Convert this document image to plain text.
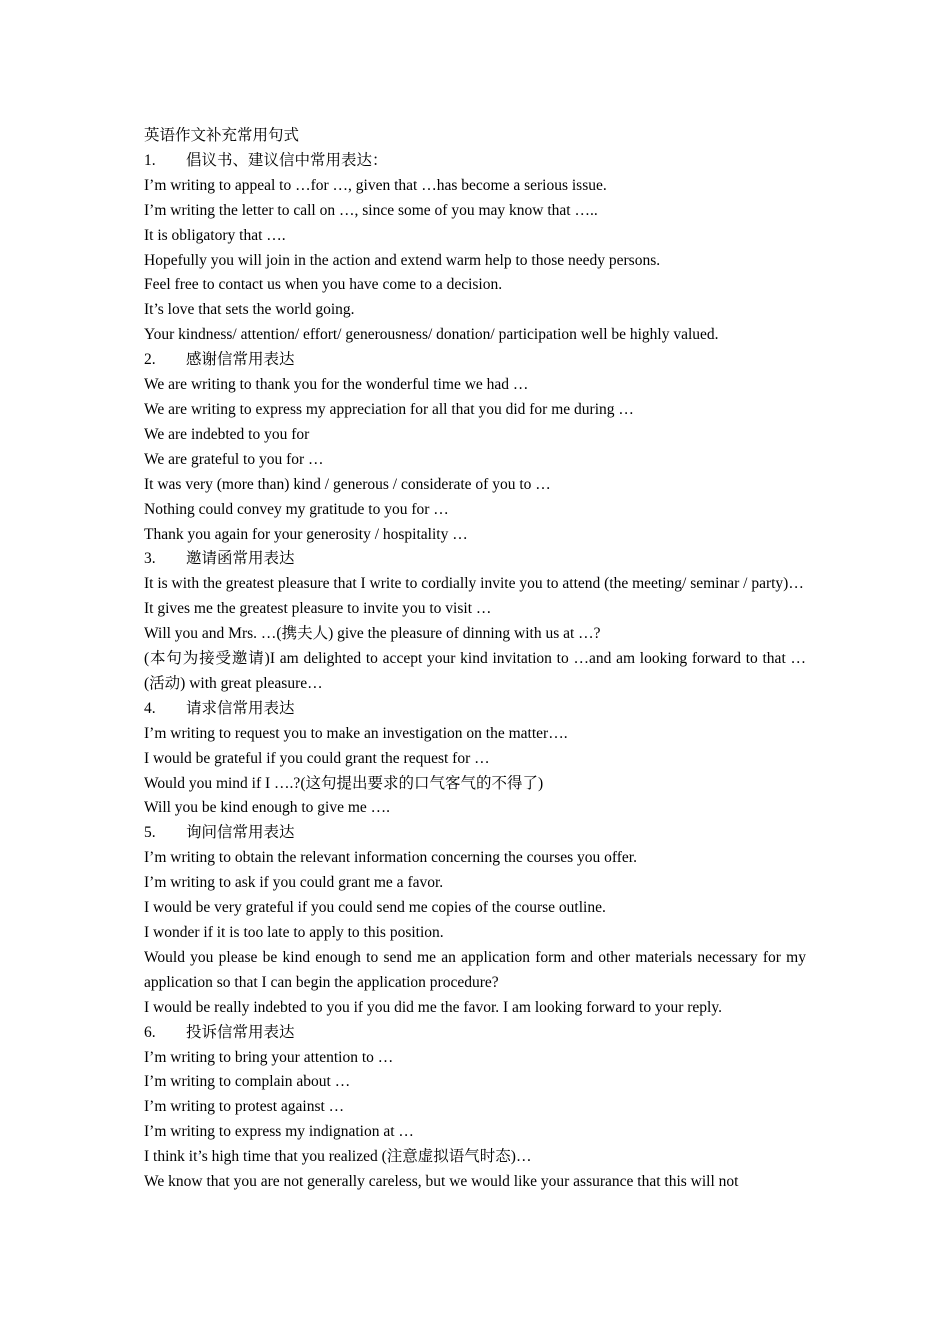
英语作文补充常用句式

1. 倡议书、建议信中常用表达：

I’m writing to appeal to …for …, given that …has become a serious issue.

I’m writing the letter to call on …, since some of you may know that …..

It is obligatory that ….

Hopefully you will join in the action and extend warm help to those needy persons.

Feel free to contact us when you have come to a decision.

It’s love that sets the world going.

Your kindness/ attention/ effort/ generousness/ donation/ participation well be highly valued.

2. 感谢信常用表达

We are writing to thank you for the wonderful time we had …

We are writing to express my appreciation for all that you did for me during …

We are indebted to you for

We are grateful to you for …

It was very (more than) kind / generous / considerate of you to …

Nothing could convey my gratitude to you for …

Thank you again for your generosity / hospitality …

3. 邀请函常用表达

It is with the greatest pleasure that I write to cordially invite you to attend (the meeting/ seminar / party)…

It gives me the greatest pleasure to invite you to visit …

Will you and Mrs. …(携夫人) give the pleasure of dinning with us at …?

(本句为接受邀请)I am delighted to accept your kind invitation to …and am looking forward to that …(活动) with great pleasure…

4. 请求信常用表达

I’m writing to request you to make an investigation on the matter….

I would be grateful if you could grant the request for …

Would you mind if I ….?(这句提出要求的口气客气的不得了)

Will you be kind enough to give me ….

5. 询问信常用表达

I’m writing to obtain the relevant information concerning the courses you offer.

I’m writing to ask if you could grant me a favor.

I would be very grateful if you could send me copies of the course outline.

I wonder if it is too late to apply to this position.

Would you please be kind enough to send me an application form and other materials necessary for my application so that I can begin the application procedure?

I would be really indebted to you if you did me the favor. I am looking forward to your reply.

6. 投诉信常用表达

I’m writing to bring your attention to …

I’m writing to complain about …

I’m writing to protest against …

I’m writing to express my indignation at …

I think it’s high time that you realized (注意虚拟语气时态)…

We know that you are not generally careless, but we would like your assurance that this will not
